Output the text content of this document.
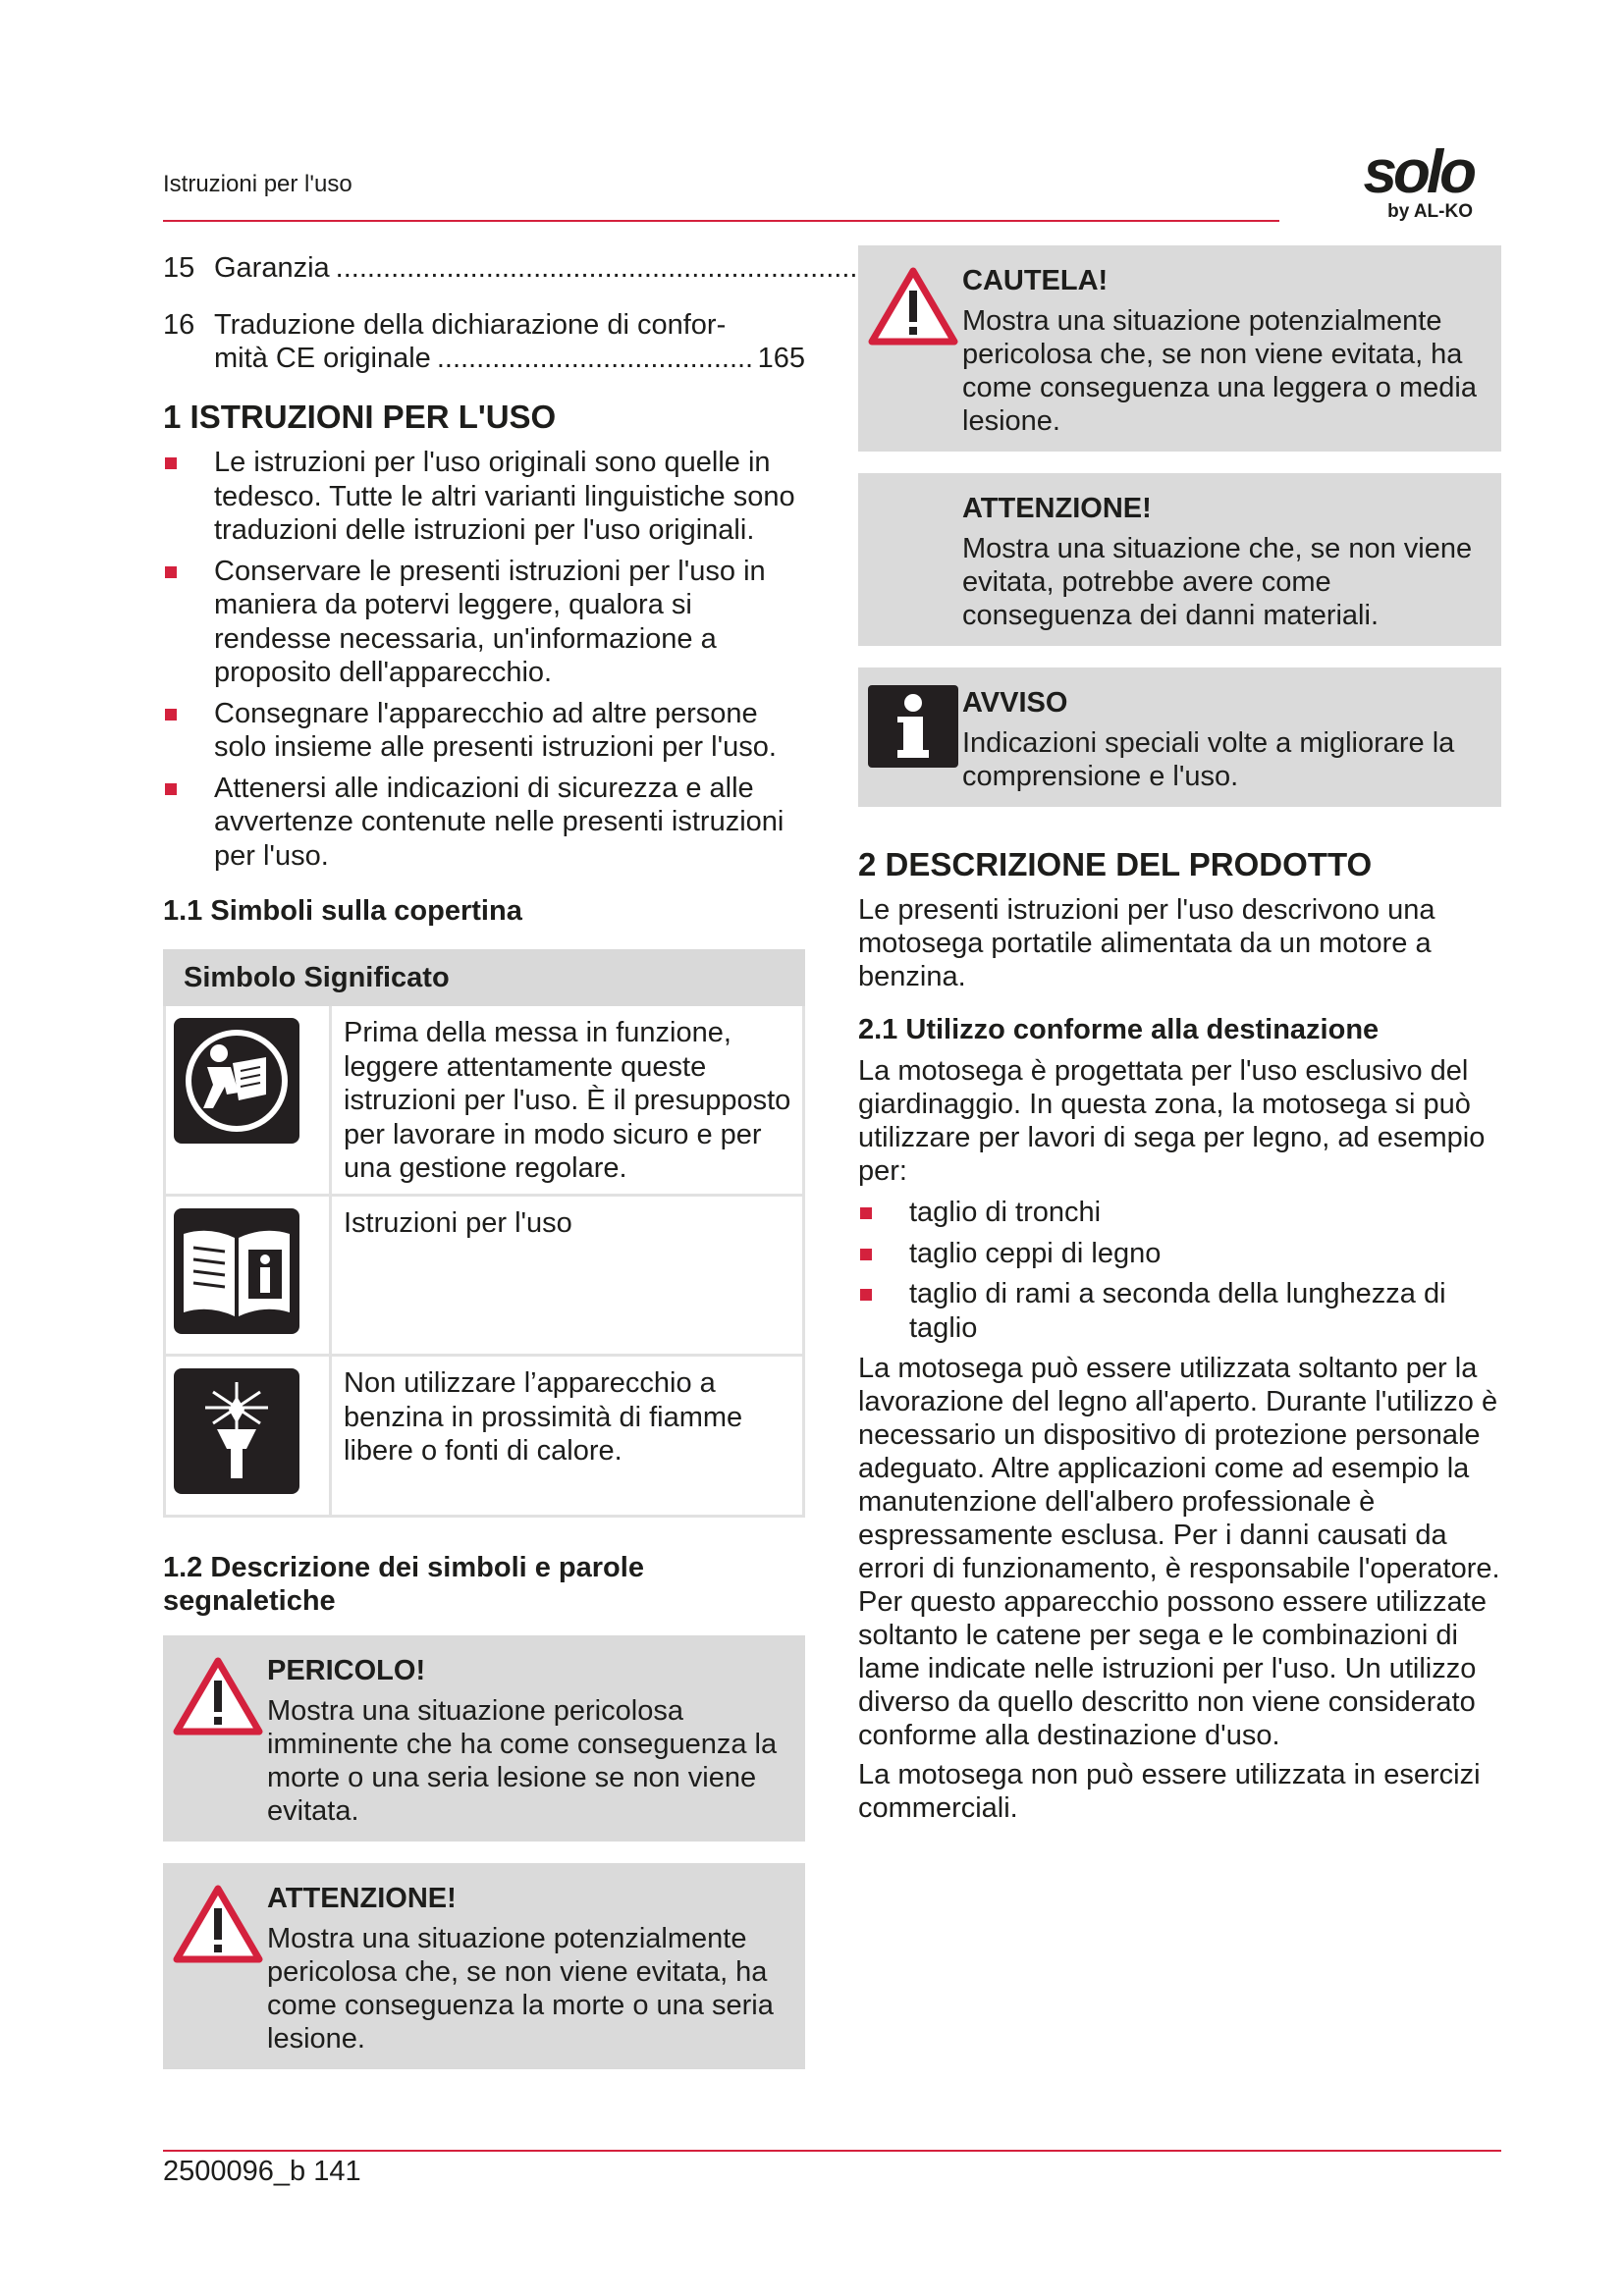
Istruzioni per l'uso	solo
by AL-KO
15 Garanzia
.....
16 Traduzione della dichiarazione di confor-
mità CE originale .....	165
1 ISTRUZIONI PER L'USO
Le istruzioni per l'uso originali sono quelle in tedesco. Tutte le altri varianti linguistiche sono traduzioni delle istruzioni per l'uso originali.
Conservare le presenti istruzioni per l'uso in maniera da potervi leggere, qualora si rendesse necessaria, un'informazione a proposito dell'apparecchio.
Consegnare l'apparecchio ad altre persone solo insieme alle presenti istruzioni per l'uso.
Attenersi alle indicazioni di sicurezza e alle avvertenze contenute nelle presenti istruzioni per l'uso.
1.1 Simboli sulla copertina
Simbolo Significato	
	Prima della messa in funzione, leggere attentamente queste istruzioni per l'uso. È il presupposto per lavorare in modo sicuro e per una gestione regolare.
	Istruzioni per l'uso
	Non utilizzare l’apparecchio a benzina in prossimità di fiamme libere o fonti di calore.
1.2 Descrizione dei simboli e parole segnaletiche
PERICOLO!
Mostra una situazione pericolosa imminente che ha come conseguenza la morte o una seria lesione se non viene evitata.
ATTENZIONE!
Mostra una situazione potenzialmente pericolosa che, se non viene evitata, ha come conseguenza la morte o una seria lesione.
CAUTELA!
Mostra una situazione potenzialmente pericolosa che, se non viene evitata, ha come conseguenza una leggera o media lesione.
ATTENZIONE!
Mostra una situazione che, se non viene evitata, potrebbe avere come conseguenza dei danni materiali.
AVVISO
Indicazioni speciali volte a migliorare la comprensione e l'uso.
2 DESCRIZIONE DEL PRODOTTO

Le presenti istruzioni per l'uso descrivono una motosega portatile alimentata da un motore a benzina.

2.1 Utilizzo conforme alla destinazione

La motosega è progettata per l'uso esclusivo del giardinaggio. In questa zona, la motosega si può utilizzare per lavori di sega per legno, ad esempio per:

taglio di tronchi
taglio ceppi di legno
taglio di rami a seconda della lunghezza di taglio

La motosega può essere utilizzata soltanto per la lavorazione del legno all'aperto. Durante l'utilizzo è necessario un dispositivo di protezione personale adeguato. Altre applicazioni come ad esempio la manutenzione dell'albero professionale è espressamente esclusa. Per i danni causati da errori di funzionamento, è responsabile l'operatore. Per questo apparecchio possono essere utilizzate soltanto le catene per sega e le combinazioni di lame indicate nelle istruzioni per l'uso. Un utilizzo diverso da quello descritto non viene considerato conforme alla destinazione d'uso.

La motosega non può essere utilizzata in esercizi commerciali.

2500096_b 141
